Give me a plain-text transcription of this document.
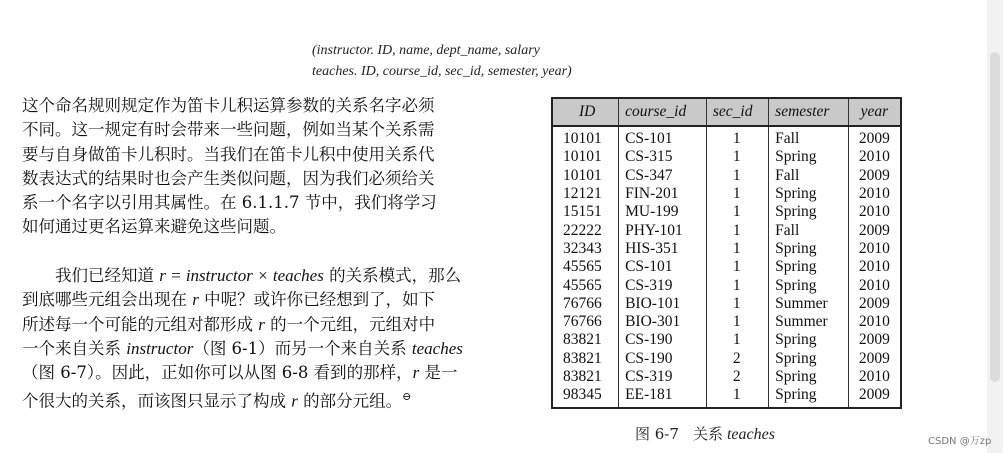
(instructor. ID, name, dept_name, salary
teaches. ID, course_id, sec_id, semester, year)

这个命名规则规定作为笛卡儿积运算参数的关系名字必须

不同。这一规定有时会带来一些问题，例如当某个关系需

要与自身做笛卡儿积时。当我们在笛卡儿积中使用关系代

数表达式的结果时也会产生类似问题，因为我们必须给关

系一个名字以引用其属性。在 6.1.1.7 节中，我们将学习

如何通过更名运算来避免这些问题。

我们已经知道 r = instructor × teaches 的关系模式，那么

到底哪些元组会出现在 r 中呢？或许你已经想到了，如下

所述每一个可能的元组对都形成 r 的一个元组，元组对中

一个来自关系 instructor（图 6-1）而另一个来自关系 teaches

（图 6-7）。因此，正如你可以从图 6-8 看到的那样，r 是一

个很大的关系，而该图只显示了构成 r 的部分元组。⊖

ID	course_id	sec_id	semester	year
10101	CS-101	1	Fall	2009
10101	CS-315	1	Spring	2010
10101	CS-347	1	Fall	2009
12121	FIN-201	1	Spring	2010
15151	MU-199	1	Spring	2010
22222	PHY-101	1	Fall	2009
32343	HIS-351	1	Spring	2010
45565	CS-101	1	Spring	2010
45565	CS-319	1	Spring	2010
76766	BIO-101	1	Summer	2009
76766	BIO-301	1	Summer	2010
83821	CS-190	1	Spring	2009
83821	CS-190	2	Spring	2009
83821	CS-319	2	Spring	2010
98345	EE-181	1	Spring	2009
图 6-7 关系 teaches	CSDN @万zp
